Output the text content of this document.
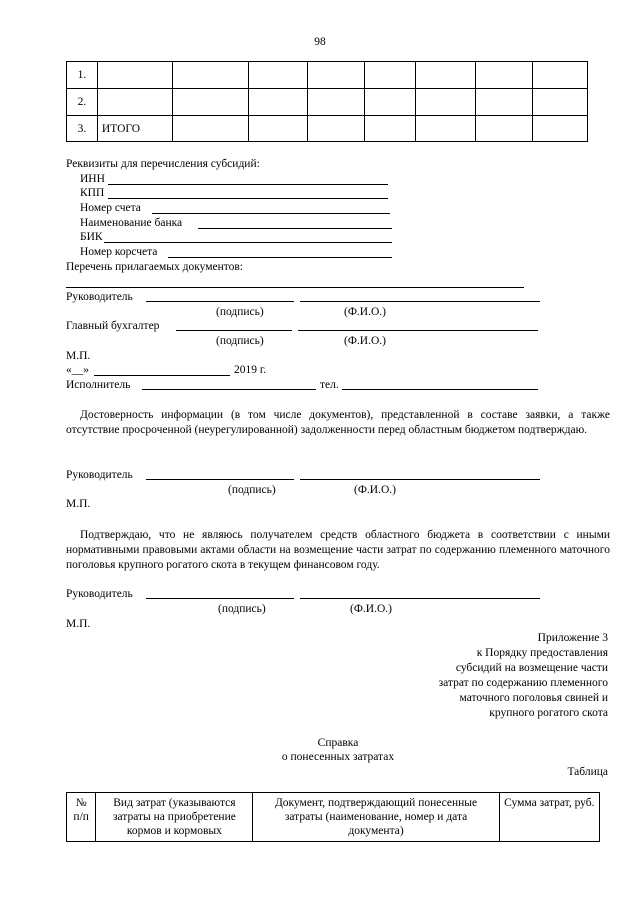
98
1.								
2.								
3.	ИТОГО							
Реквизиты для перечисления субсидий:
ИНН
КПП
Номер счета
Наименование банка
БИК
Номер корсчета
Перечень прилагаемых документов:
Руководитель
(подпись)	(Ф.И.О.)
Главный бухгалтер
(подпись)	(Ф.И.О.)
М.П.
«__»	2019 г.
Исполнитель	тел.
Достоверность информации (в том числе документов), представленной в составе заявки, а также отсутствие просроченной (неурегулированной) задолженности перед областным бюджетом подтверждаю.
Руководитель
(подпись)	(Ф.И.О.)
М.П.
Подтверждаю, что не являюсь получателем средств областного бюджета в соответствии с иными нормативными правовыми актами области на возмещение части затрат по содержанию племенного маточного поголовья крупного рогатого скота в текущем финансовом году.
Руководитель
(подпись)	(Ф.И.О.)
М.П.
Приложение 3
к Порядку предоставления
субсидий на возмещение части
затрат по содержанию племенного
маточного поголовья свиней и
крупного рогатого скота
Справка
о понесенных затратах
Таблица
№ п/п	Вид затрат (указываются затраты на приобретение кормов и кормовых	Документ, подтверждающий понесенные затраты (наименование, номер и дата документа)	Сумма затрат, руб.
